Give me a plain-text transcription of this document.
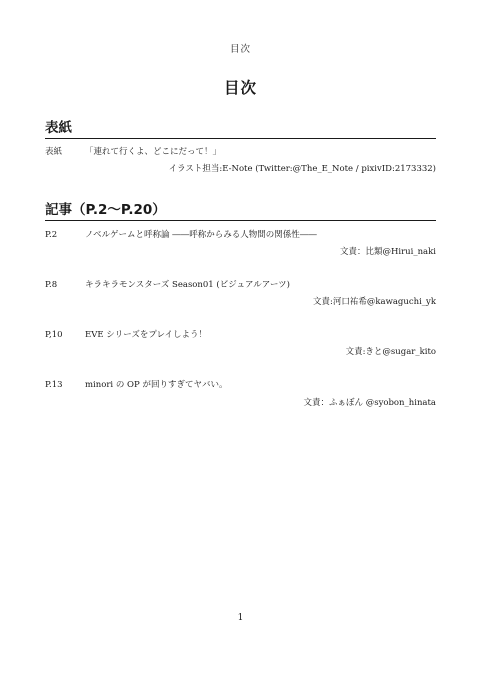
目次
目次
表紙
表紙	「連れて行くよ、どこにだって！」
イラスト担当:E-Note (Twitter:@The_E_Note / pixivID:2173332)
記事（P.2〜P.20）
P.2	ノベルゲームと呼称論 ――呼称からみる人物間の関係性――
文責：比類@Hirui_naki
P.8	キラキラモンスターズ Season01 (ビジュアルアーツ)
文責:河口祐希@kawaguchi_yk
P,10	EVE シリーズをプレイしよう！
文責:きと@sugar_kito
P.13	minori の OP が回りすぎてヤバい。
文責：ふぁぼん @syobon_hinata
1
